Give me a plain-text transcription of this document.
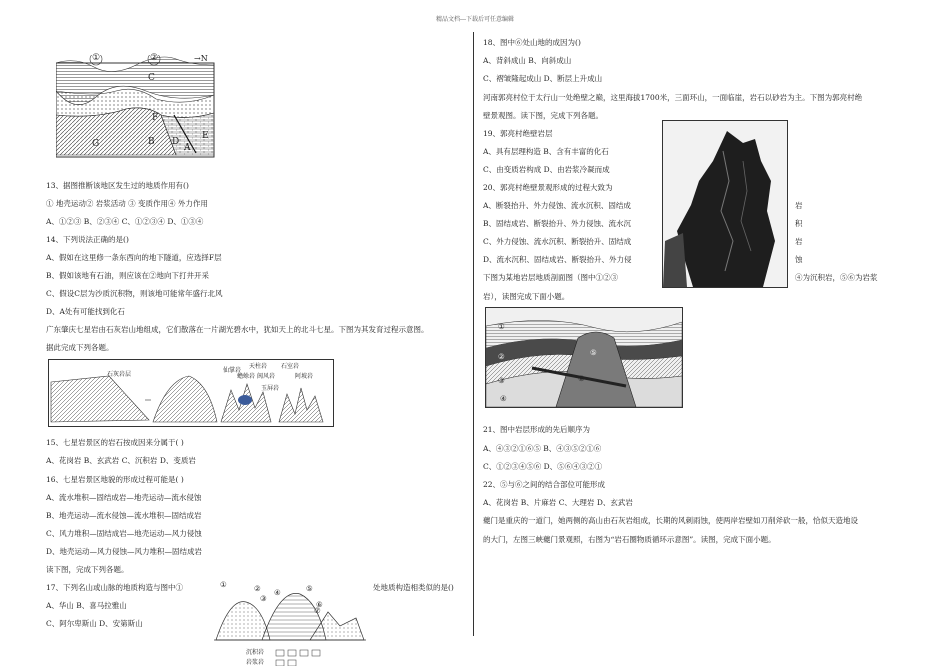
精品文档---下载后可任意编辑
①	②	→N
C
F
B D
A
E
G
13、据图推断该地区发生过的地质作用有()
① 地壳运动② 岩浆活动 ③ 变质作用④ 外力作用
A、①②③ B、②③④ C、①②③④ D、①③④
14、下列说法正确的是()
A、假如在这里修一条东西向的地下隧道，应选择F层
B、假如该地有石油，则应该在②地向下打井开采
C、假设C层为沙质沉积物，则该地可能常年盛行北风
D、A处有可能找到化石
广东肇庆七星岩由石灰岩山地组成，它们散落在一片湖光碧水中，犹如天上的北斗七星。下图为其发育过程示意图。
据此完成下列各题。
石灰岩层
仙掌岩
天柱岩
蟾蜍岩 阆风岩
石室岩
玉屏岩
阿坡岩
15、七星岩景区的岩石按成因来分属于( )
A、花岗岩 B、玄武岩 C、沉积岩 D、变质岩
16、七星岩景区地貌的形成过程可能是( )
A、流水堆积—固结成岩—地壳运动—流水侵蚀
B、地壳运动—流水侵蚀—流水堆积—固结成岩
C、风力堆积—固结成岩—地壳运动—风力侵蚀
D、地壳运动—风力侵蚀—风力堆积—固结成岩
读下图，完成下列各题。
17、下列名山或山脉的地质构造与图中①	处地质构造相类似的是()
A、华山 B、喜马拉雅山
C、阿尔卑斯山 D、安第斯山
①	②
③
④	⑤
⑥
⑦
沉积岩
岩浆岩
18、图中⑥处山地的成因为()
A、背斜成山 B、向斜成山
C、褶皱隆起成山 D、断层上升成山
河南郭亮村位于太行山一处绝壁之巅，这里海拔1700米，三面环山，一面临崖，岩石以砂岩为主。下图为郭亮村绝
壁景观图。读下图，完成下列各题。
19、郭亮村绝壁岩层
A、具有层理构造 B、含有丰富的化石
C、由变质岩构成 D、由岩浆冷凝而成
20、郭亮村绝壁景观形成的过程大致为
A、断裂抬升、外力侵蚀、流水沉积、固结成
B、固结成岩、断裂抬升、外力侵蚀、流水沉
C、外力侵蚀、流水沉积、断裂抬升、固结成
D、流水沉积、固结成岩、断裂抬升、外力侵
岩
积
岩
蚀
下图为某地岩层地质剖面图（图中①②③	④为沉积岩，⑤⑥为岩浆
岩），读图完成下面小题。
①
②
③
④
⑤
⑥
21、图中岩层形成的先后顺序为
A、④③②①⑥⑤ B、④③⑤②①⑥
C、①②③④⑤⑥ D、⑤⑥④③②①
22、⑤与⑥之间的结合部位可能形成
A、花岗岩 B、片麻岩 C、大理岩 D、玄武岩
夔门是重庆的一道门，她两侧的高山由石灰岩组成，长期的风刺雨蚀，使两岸岩壁如刀削斧砍一般，恰似天造地设
的大门，左图三峡夔门景观照，右图为“岩石圈物质循环示意图”。读图，完成下面小题。
